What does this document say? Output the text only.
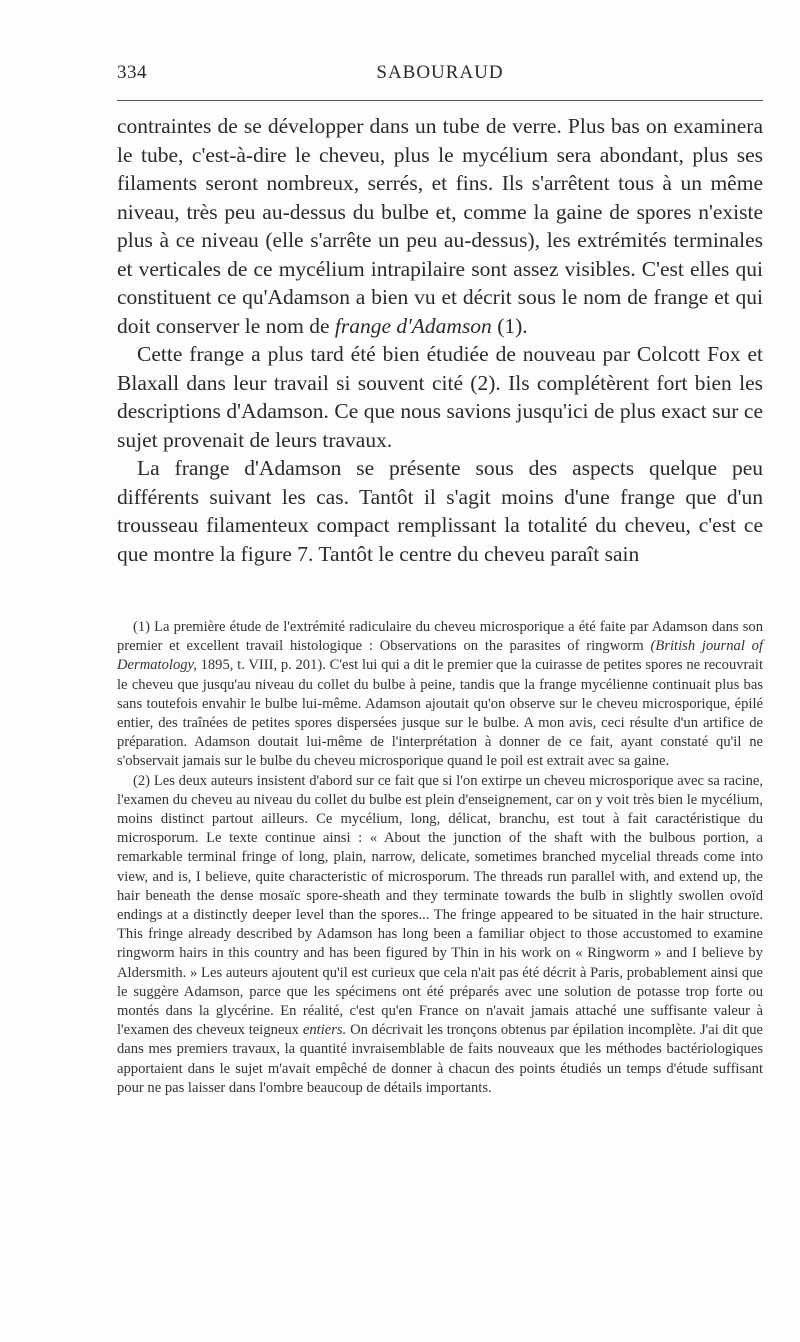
334	SABOURAUD

contraintes de se développer dans un tube de verre. Plus bas on examinera le tube, c'est-à-dire le cheveu, plus le mycélium sera abondant, plus ses filaments seront nombreux, serrés, et fins. Ils s'arrêtent tous à un même niveau, très peu au-dessus du bulbe et, comme la gaine de spores n'existe plus à ce niveau (elle s'arrête un peu au-dessus), les extrémités terminales et verticales de ce mycélium intrapilaire sont assez visibles. C'est elles qui constituent ce qu'Adamson a bien vu et décrit sous le nom de frange et qui doit conserver le nom de frange d'Adamson (1).

Cette frange a plus tard été bien étudiée de nouveau par Colcott Fox et Blaxall dans leur travail si souvent cité (2). Ils complétèrent fort bien les descriptions d'Adamson. Ce que nous savions jusqu'ici de plus exact sur ce sujet provenait de leurs travaux.

La frange d'Adamson se présente sous des aspects quelque peu différents suivant les cas. Tantôt il s'agit moins d'une frange que d'un trousseau filamenteux compact remplissant la totalité du cheveu, c'est ce que montre la figure 7. Tantôt le centre du cheveu paraît sain

(1) La première étude de l'extrémité radiculaire du cheveu microsporique a été faite par Adamson dans son premier et excellent travail histologique : Observations on the parasites of ringworm (British journal of Dermatology, 1895, t. VIII, p. 201). C'est lui qui a dit le premier que la cuirasse de petites spores ne recouvrait le cheveu que jusqu'au niveau du collet du bulbe à peine, tandis que la frange mycélienne continuait plus bas sans toutefois envahir le bulbe lui-même. Adamson ajoutait qu'on observe sur le cheveu microsporique, épilé entier, des traînées de petites spores dispersées jusque sur le bulbe. A mon avis, ceci résulte d'un artifice de préparation. Adamson doutait lui-même de l'interprétation à donner de ce fait, ayant constaté qu'il ne s'observait jamais sur le bulbe du cheveu microsporique quand le poil est extrait avec sa gaine.

(2) Les deux auteurs insistent d'abord sur ce fait que si l'on extirpe un cheveu microsporique avec sa racine, l'examen du cheveu au niveau du collet du bulbe est plein d'enseignement, car on y voit très bien le mycélium, moins distinct partout ailleurs. Ce mycélium, long, délicat, branchu, est tout à fait caractéristique du microsporum. Le texte continue ainsi : « About the junction of the shaft with the bulbous portion, a remarkable terminal fringe of long, plain, narrow, delicate, sometimes branched mycelial threads come into view, and is, I believe, quite characteristic of microsporum. The threads run parallel with, and extend up, the hair beneath the dense mosaïc spore-sheath and they terminate towards the bulb in slightly swollen ovoïd endings at a distinctly deeper level than the spores... The fringe appeared to be situated in the hair structure. This fringe already described by Adamson has long been a familiar object to those accustomed to examine ringworm hairs in this country and has been figured by Thin in his work on « Ringworm » and I believe by Aldersmith. » Les auteurs ajoutent qu'il est curieux que cela n'ait pas été décrit à Paris, probablement ainsi que le suggère Adamson, parce que les spécimens ont été préparés avec une solution de potasse trop forte ou montés dans la glycérine. En réalité, c'est qu'en France on n'avait jamais attaché une suffisante valeur à l'examen des cheveux teigneux entiers. On décrivait les tronçons obtenus par épilation incomplète. J'ai dit que dans mes premiers travaux, la quantité invraisemblable de faits nouveaux que les méthodes bactériologiques apportaient dans le sujet m'avait empêché de donner à chacun des points étudiés un temps d'étude suffisant pour ne pas laisser dans l'ombre beaucoup de détails importants.
